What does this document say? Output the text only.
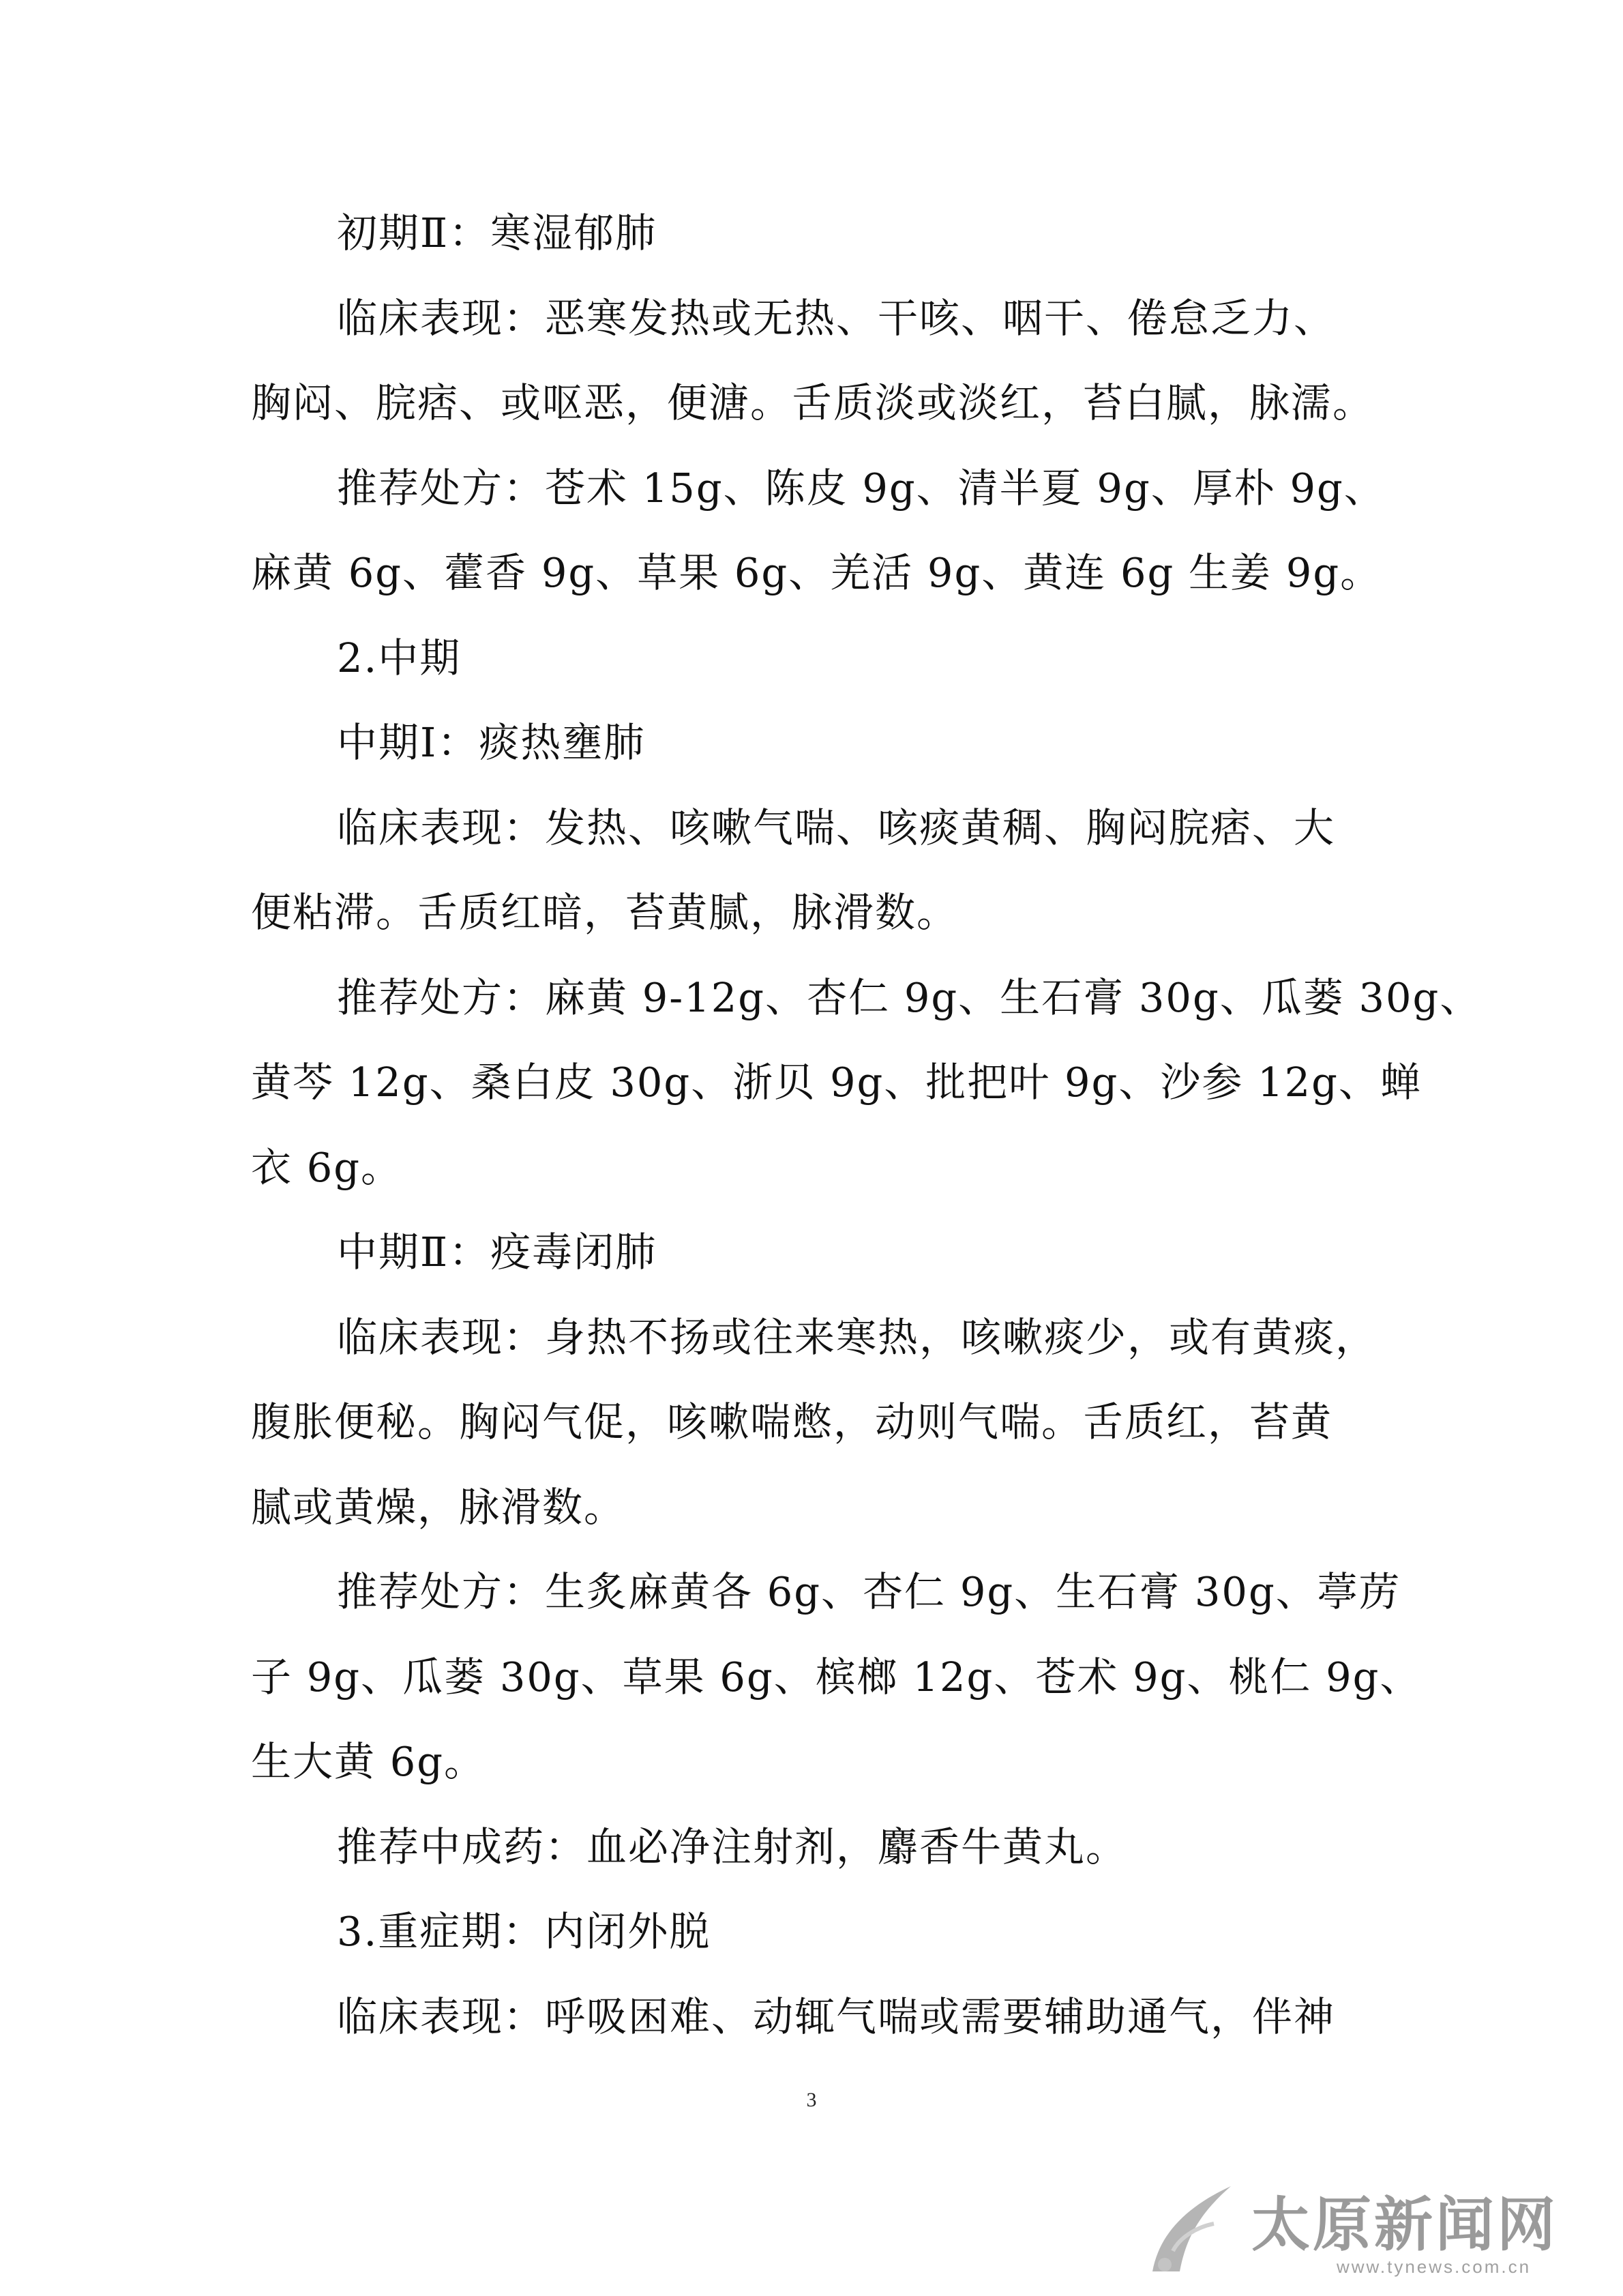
初期Ⅱ：寒湿郁肺
临床表现：恶寒发热或无热、干咳、咽干、倦怠乏力、
胸闷、脘痞、或呕恶，便溏。舌质淡或淡红，苔白腻，脉濡。
推荐处方：苍术 15g、陈皮 9g、清半夏 9g、厚朴 9g、
麻黄 6g、藿香 9g、草果 6g、羌活 9g、黄连 6g 生姜 9g。
2.中期
中期Ⅰ：痰热壅肺
临床表现：发热、咳嗽气喘、咳痰黄稠、胸闷脘痞、大
便粘滞。舌质红暗，苔黄腻，脉滑数。
推荐处方：麻黄 9-12g、杏仁 9g、生石膏 30g、瓜蒌 30g、
黄芩 12g、桑白皮 30g、浙贝 9g、批把叶 9g、沙参 12g、蝉
衣 6g。
中期Ⅱ：疫毒闭肺
临床表现：身热不扬或往来寒热，咳嗽痰少，或有黄痰，
腹胀便秘。胸闷气促，咳嗽喘憋，动则气喘。舌质红，苔黄
腻或黄燥，脉滑数。
推荐处方：生炙麻黄各 6g、杏仁 9g、生石膏 30g、葶苈
子 9g、瓜蒌 30g、草果 6g、槟榔 12g、苍术 9g、桃仁 9g、
生大黄 6g。
推荐中成药：血必净注射剂，麝香牛黄丸。
3.重症期：内闭外脱
临床表现：呼吸困难、动辄气喘或需要辅助通气，伴神
3
太原新闻网
www.tynews.com.cn
